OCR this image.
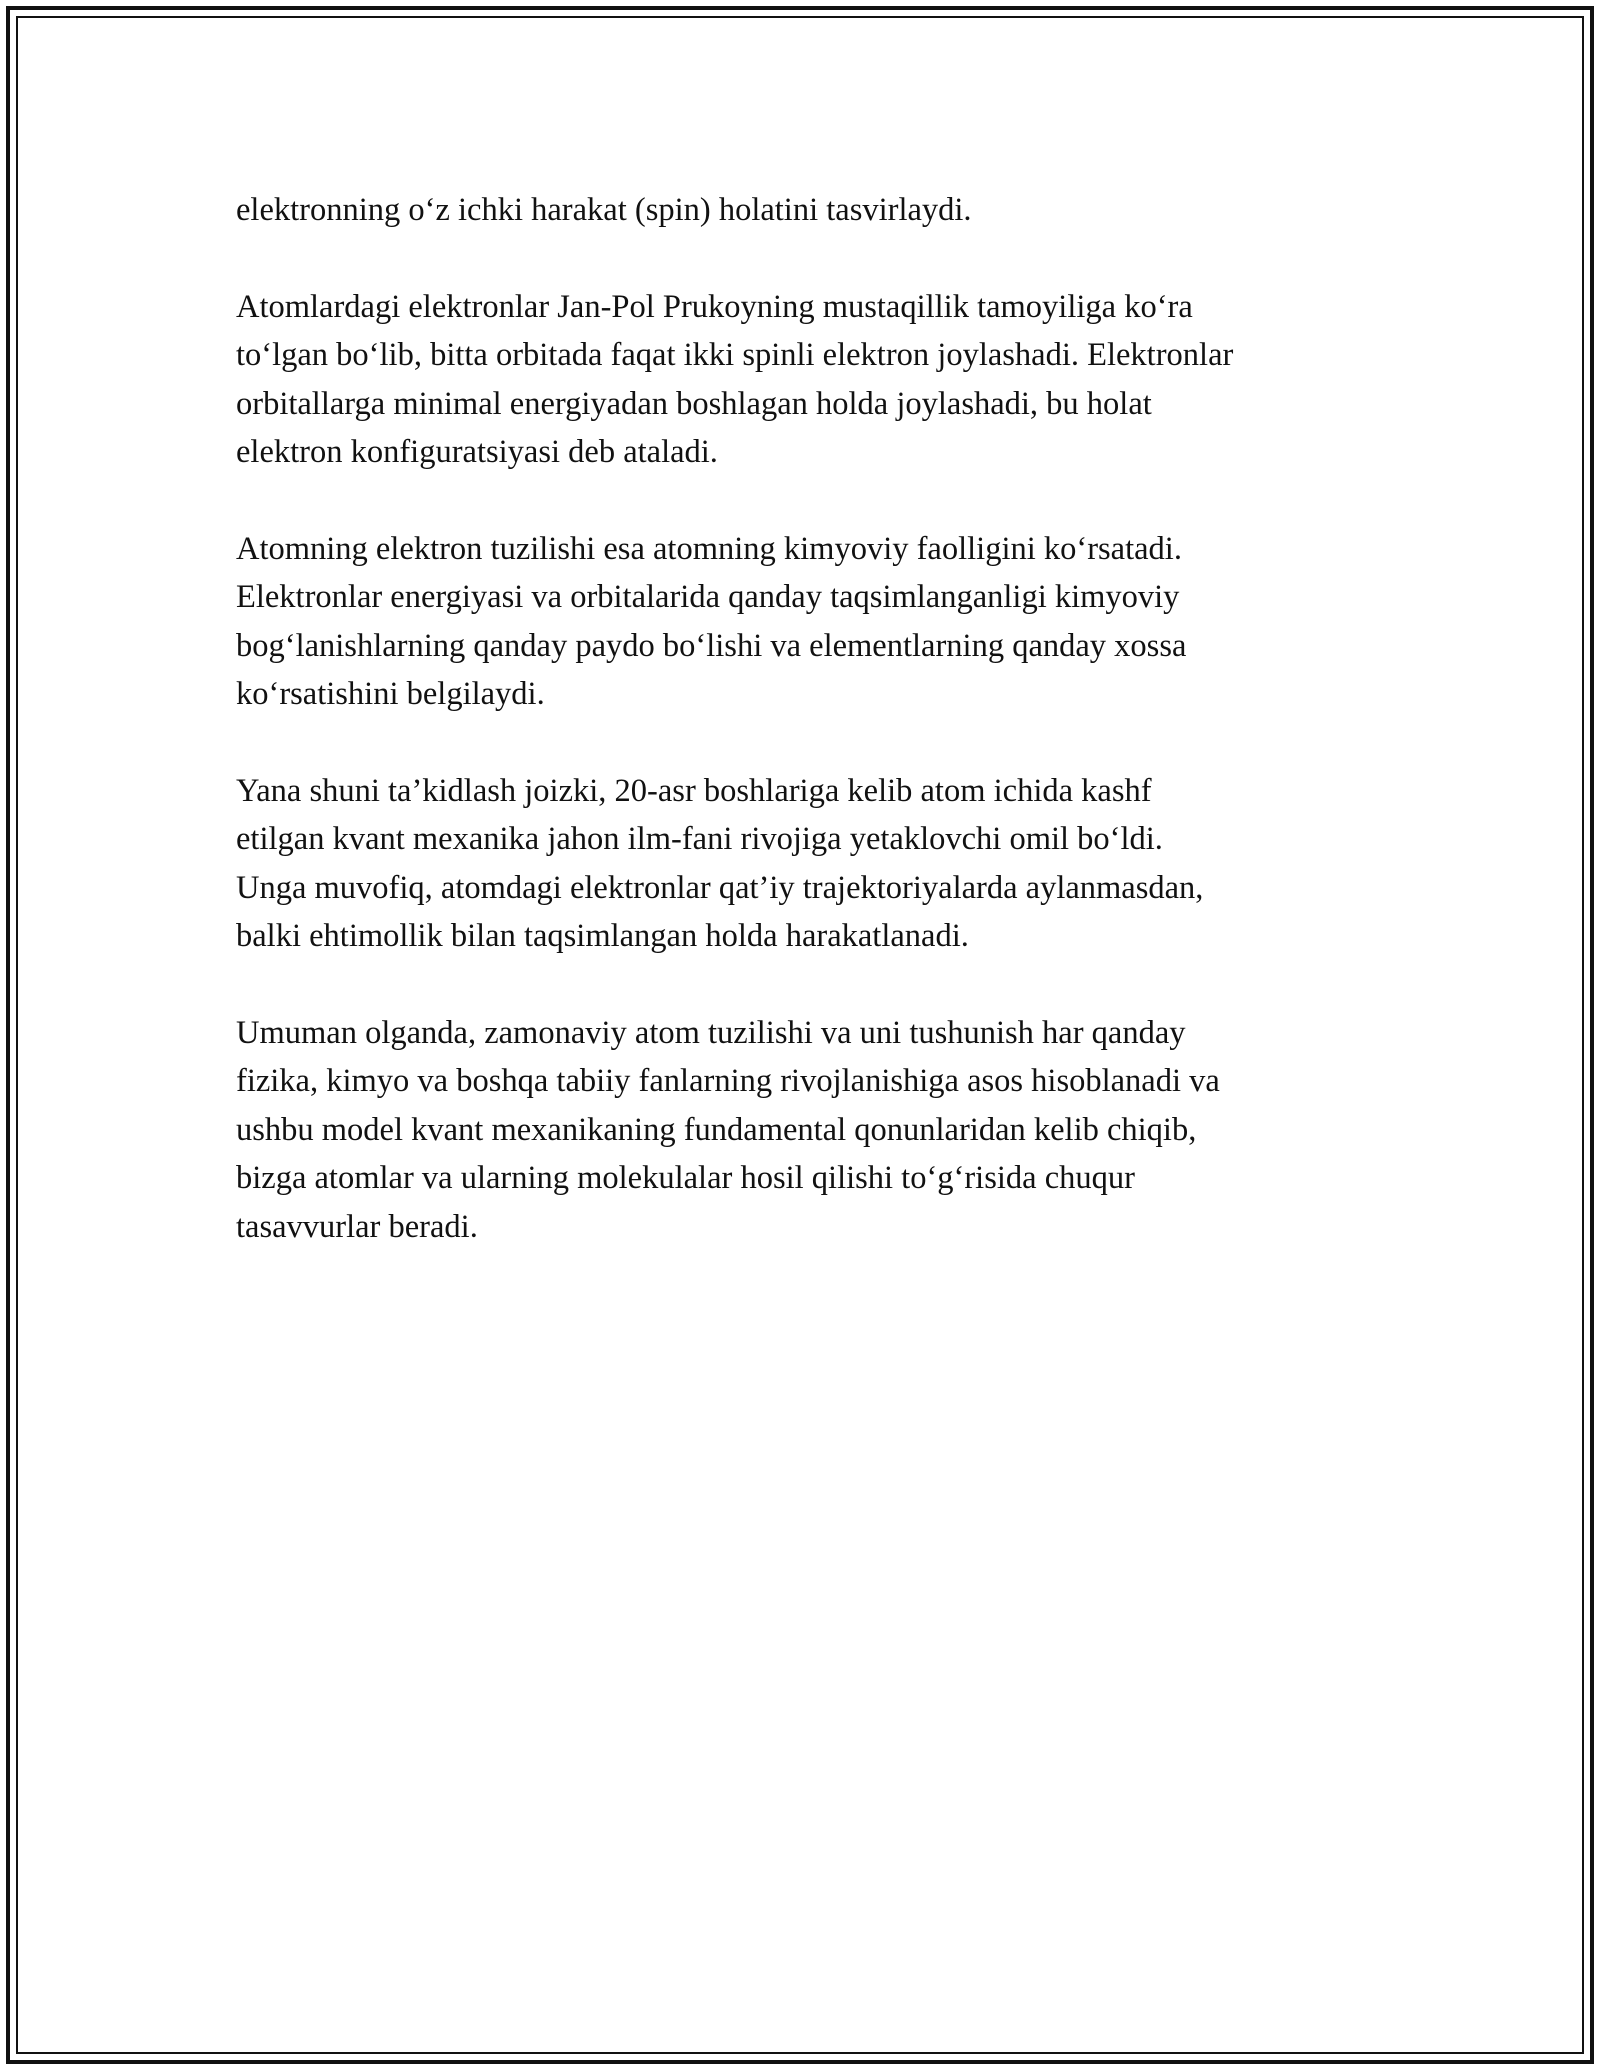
elektronning o‘z ichki harakat (spin) holatini tasvirlaydi.

Atomlardagi elektronlar Jan-Pol Prukoyning mustaqillik tamoyiliga ko‘ra
to‘lgan bo‘lib, bitta orbitada faqat ikki spinli elektron joylashadi. Elektronlar
orbitallarga minimal energiyadan boshlagan holda joylashadi, bu holat
elektron konfiguratsiyasi deb ataladi.

Atomning elektron tuzilishi esa atomning kimyoviy faolligini ko‘rsatadi.
Elektronlar energiyasi va orbitalarida qanday taqsimlanganligi kimyoviy
bog‘lanishlarning qanday paydo bo‘lishi va elementlarning qanday xossa
ko‘rsatishini belgilaydi.

Yana shuni ta’kidlash joizki, 20-asr boshlariga kelib atom ichida kashf
etilgan kvant mexanika jahon ilm-fani rivojiga yetaklovchi omil bo‘ldi.
Unga muvofiq, atomdagi elektronlar qat’iy trajektoriyalarda aylanmasdan,
balki ehtimollik bilan taqsimlangan holda harakatlanadi.

Umuman olganda, zamonaviy atom tuzilishi va uni tushunish har qanday
fizika, kimyo va boshqa tabiiy fanlarning rivojlanishiga asos hisoblanadi va
ushbu model kvant mexanikaning fundamental qonunlaridan kelib chiqib,
bizga atomlar va ularning molekulalar hosil qilishi to‘g‘risida chuqur
tasavvurlar beradi.
